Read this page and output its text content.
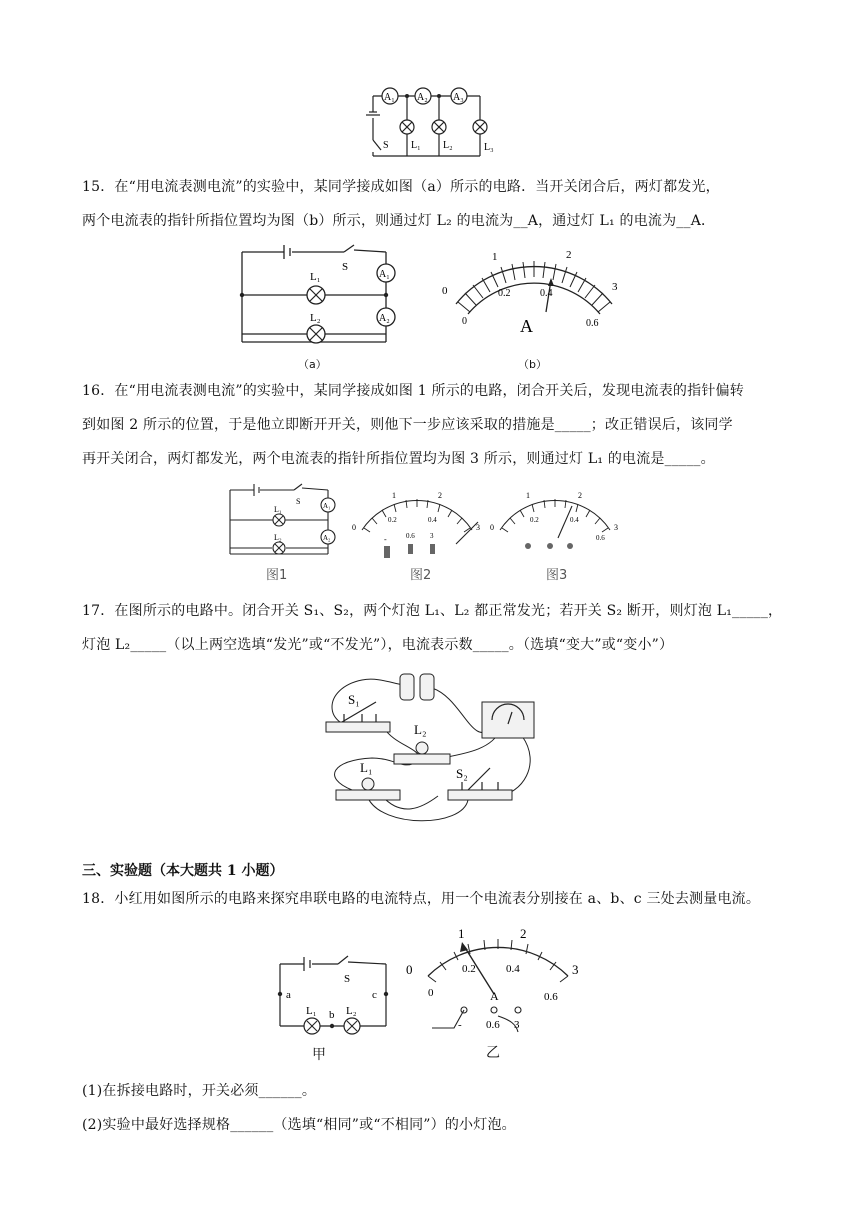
A₁ A₂	A₃
S L₁ L₂	L₃
15．在“用电流表测电流”的实验中，某同学接成如图（a）所示的电路．当开关闭合后，两灯都发光，
两个电流表的指针所指位置均为图（b）所示，则通过灯 L₂ 的电流为__A，通过灯 L₁ 的电流为__A．
S
L₁
L₂
A₁
A₂
（a）
0
1	2
3
0
0.2	0.4
0.6
A
（b）
16．在“用电流表测电流”的实验中，某同学接成如图 1 所示的电路，闭合开关后，发现电流表的指针偏转
到如图 2 所示的位置，于是他立即断开开关，则他下一步应该采取的措施是_____；改正错误后，该同学
再开关闭合，两灯都发光，两个电流表的指针所指位置均为图 3 所示，则通过灯 L₁ 的电流是_____。
S
L₁
L₂
A₁
A₂
图1
0
1	2
3
0.2	0.4
-	0.6 3
图2
0
1	2
3
0.2	0.4
0.6
图3
17．在图所示的电路中。闭合开关 S₁、S₂，两个灯泡 L₁、L₂ 都正常发光；若开关 S₂ 断开，则灯泡 L₁_____，
灯泡 L₂_____（以上两空选填“发光”或“不发光”），电流表示数_____。（选填“变大”或“变小”）
S₁
L₂
L₁	S₂
三、实验题（本大题共 1 小题）
18．小红用如图所示的电路来探究串联电路的电流特点，用一个电流表分别接在 a、b、c 三处去测量电流。
S
a
b
c
L₁	L₂
甲
0
1	2
3
0
0.2	0.4
0.6
A
- 0.6 3
乙
(1)在拆接电路时，开关必须______。
(2)实验中最好选择规格______（选填“相同”或“不相同”）的小灯泡。
